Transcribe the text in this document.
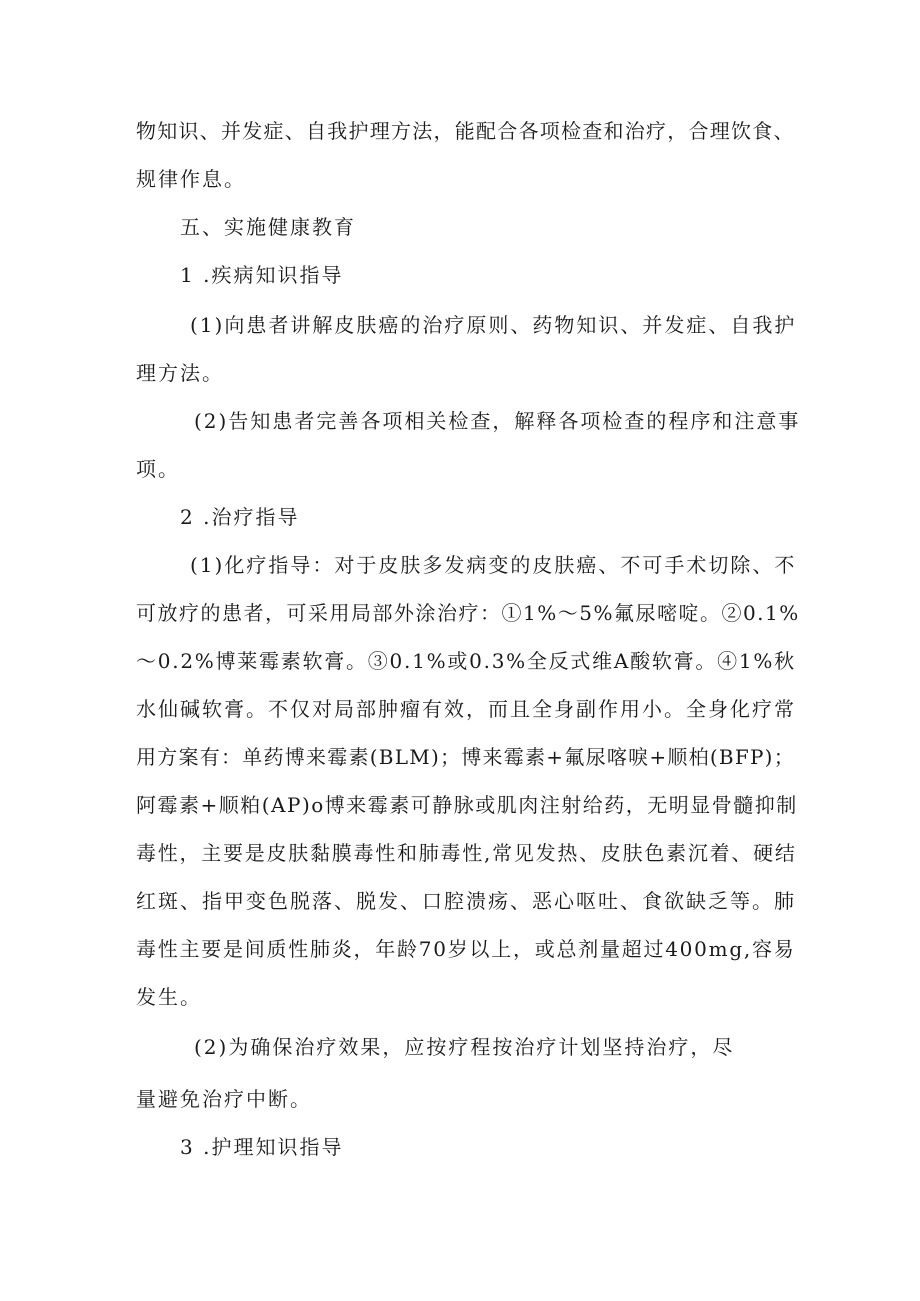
物知识、并发症、自我护理方法，能配合各项检查和治疗，合理饮食、
规律作息。
五、实施健康教育
1 .疾病知识指导
(1)向患者讲解皮肤癌的治疗原则、药物知识、并发症、自我护
理方法。
(2)告知患者完善各项相关检查，解释各项检查的程序和注意事
项。
2 .治疗指导
(1)化疗指导：对于皮肤多发病变的皮肤癌、不可手术切除、不
可放疗的患者，可采用局部外涂治疗：①1%～5%氟尿嘧啶。②0.1%
～0.2%博莱霉素软膏。③0.1%或0.3%全反式维A酸软膏。④1%秋
水仙碱软膏。不仅对局部肿瘤有效，而且全身副作用小。全身化疗常
用方案有：单药博来霉素(BLM)；博来霉素+氟尿喀唳+顺柏(BFP)；
阿霉素+顺粕(AP)o博来霉素可静脉或肌肉注射给药，无明显骨髓抑制
毒性，主要是皮肤黏膜毒性和肺毒性,常见发热、皮肤色素沉着、硬结
红斑、指甲变色脱落、脱发、口腔溃疡、恶心呕吐、食欲缺乏等。肺
毒性主要是间质性肺炎，年龄70岁以上，或总剂量超过400mg,容易
发生。
(2)为确保治疗效果，应按疗程按治疗计划坚持治疗，尽
量避免治疗中断。
3 .护理知识指导
